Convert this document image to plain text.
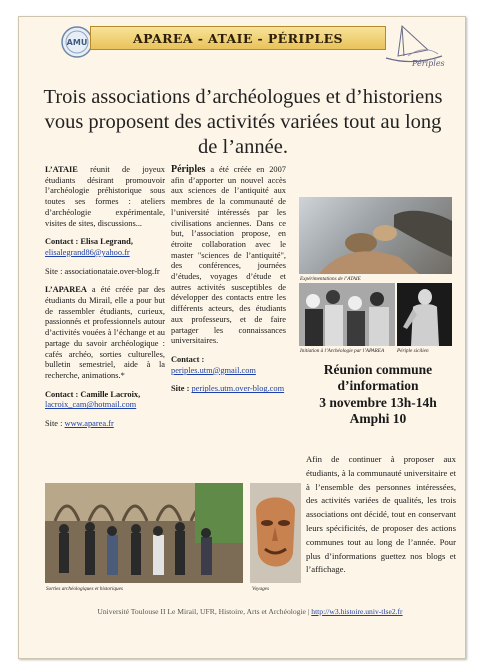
AMU
Périples
APAREA - ATAIE - PÉRIPLES
Trois associations d’archéologues et d’historiens vous proposent des activités variées tout au long de l’année.

L’ATAIE réunit de joyeux étudiants désirant promouvoir l’archéologie préhistorique sous toutes ses formes : ateliers d’archéologie expérimentale, visites de sites, discussions...

Contact : Elisa Legrand,
elisalegrand86@yahoo.fr

Site : associationataie.over-blog.fr

L’APAREA a été créée par des étudiants du Mirail, elle a pour but de rassembler étudiants, curieux, passionnés et professionnels autour d’activités vouées à l’échange et au partage du savoir archéologique : cafés archéo, sorties culturelles, bulletin semestriel, aide à la recherche, animations.*

Contact : Camille Lacroix,
lacroix_cam@hotmail.com

Site : www.aparea.fr

Périples a été créée en 2007 afin d’apporter un nouvel accès aux sciences de l’antiquité aux membres de la communauté de l’université intéressés par les civilisations anciennes. Dans ce but, l’association propose, en étroite collaboration avec le master "sciences de l’antiquité", des conférences, journées d’études, voyages d’étude et autres activités susceptibles de développer des contacts entre les différents acteurs, des étudiants aux professeurs, et de faire partager les connaissances universitaires.

Contact :
periples.utm@gmail.com

Site : periples.utm.over-blog.com

Expérimentations de l’ATAIE
Initiation à l’Archéologie par l’APAREA Périple sicilien
Réunion commune
d’information
3 novembre 13h-14h
Amphi 10
Afin de continuer à proposer aux étudiants, à la communauté universitaire et à l’ensemble des personnes intéressées, des activités variées de qualités, les trois associations ont décidé, tout en conservant leurs spécificités, de proposer des actions communes tout au long de l’année. Pour plus d’informations guettez nos blogs et l’affichage.
Sorties archéologiques et historiques	Voyages
Université Toulouse II Le Mirail, UFR, Histoire, Arts et Archéologie | http://w3.histoire.univ-tlse2.fr
